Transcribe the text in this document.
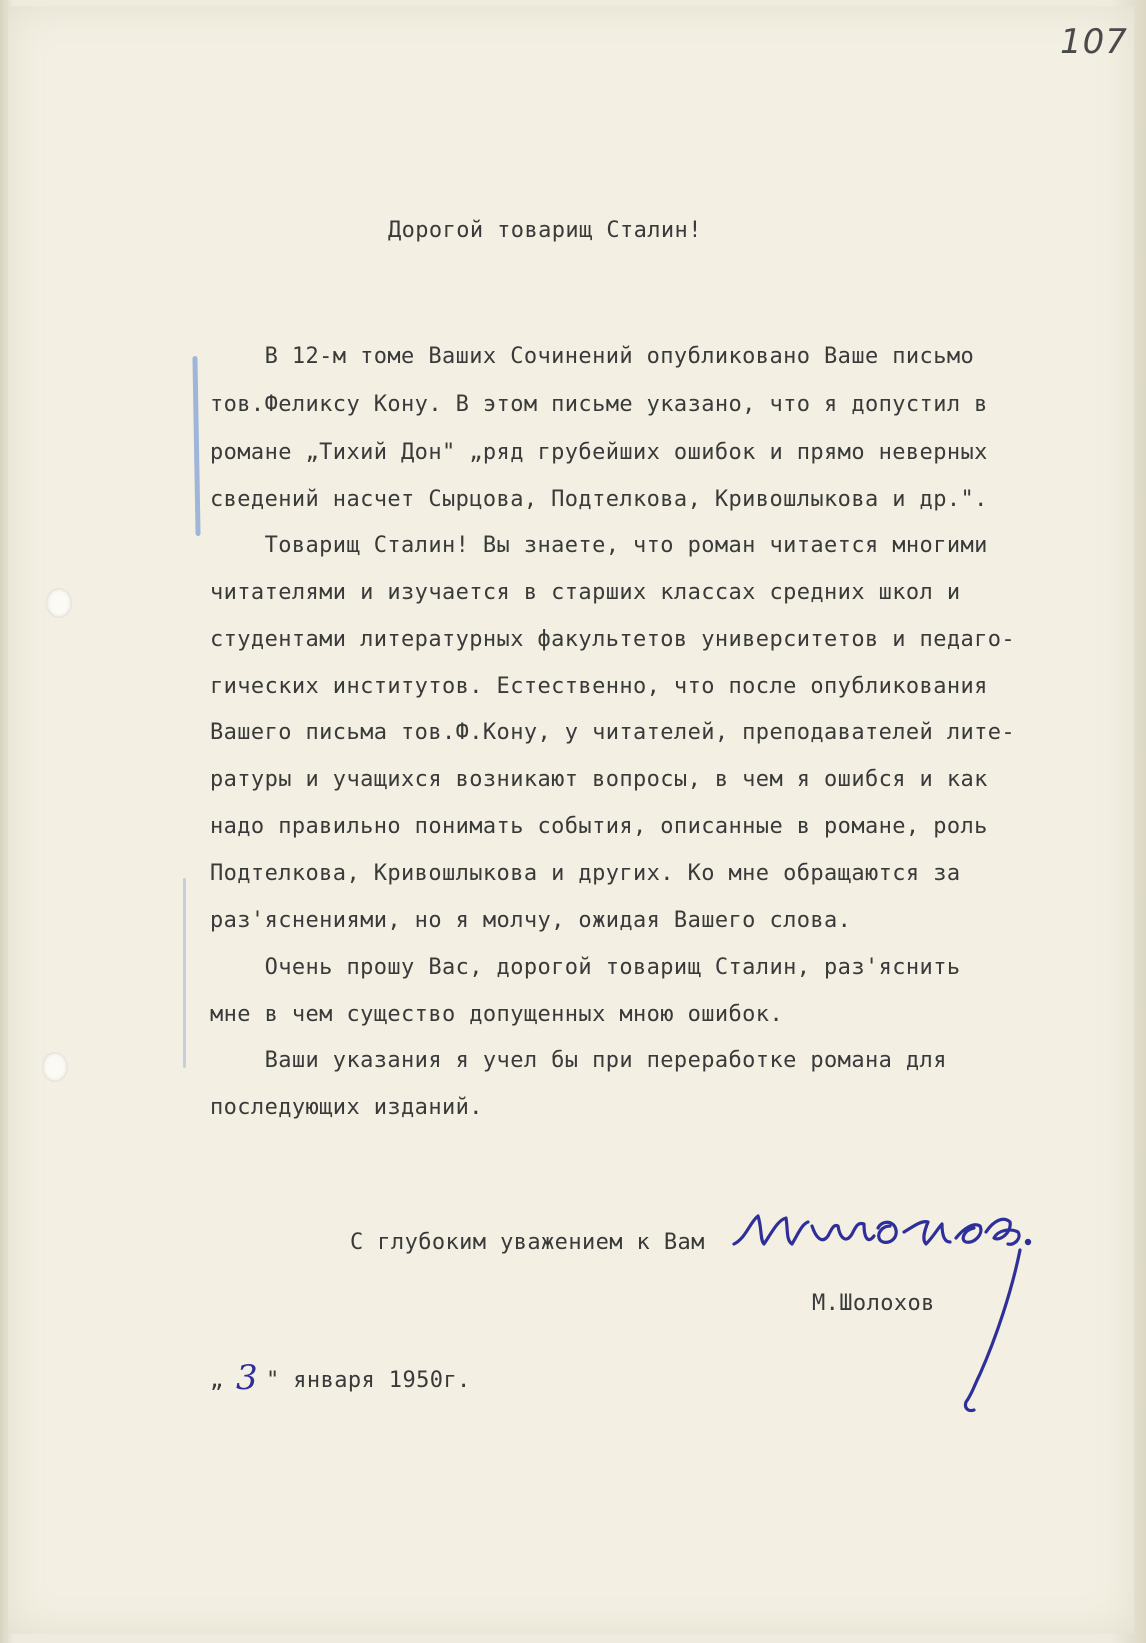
107
Дорогой товарищ Сталин!

В 12-м томе Ваших Сочинений опубликовано Ваше письмо

тов.Феликсу Кону. В этом письме указано, что я допустил в

романе „Тихий Дон" „ряд грубейших ошибок и прямо неверных

сведений насчет Сырцова, Подтелкова, Кривошлыкова и др.".

Товарищ Сталин! Вы знаете, что роман читается многими

читателями и изучается в старших классах средних школ и

студентами литературных факультетов университетов и педаго-

гических институтов. Естественно, что после опубликования

Вашего письма тов.Ф.Кону, у читателей, преподавателей лите-

ратуры и учащихся возникают вопросы, в чем я ошибся и как

надо правильно понимать события, описанные в романе, роль

Подтелкова, Кривошлыкова и других. Ко мне обращаются за

раз'яснениями, но я молчу, ожидая Вашего слова.

Очень прошу Вас, дорогой товарищ Сталин, раз'яснить

мне в чем существо допущенных мною ошибок.

Ваши указания я учел бы при переработке романа для

последующих изданий.

С глубоким уважением к Вам
М.Шолохов
„ 3 " января 1950г.
